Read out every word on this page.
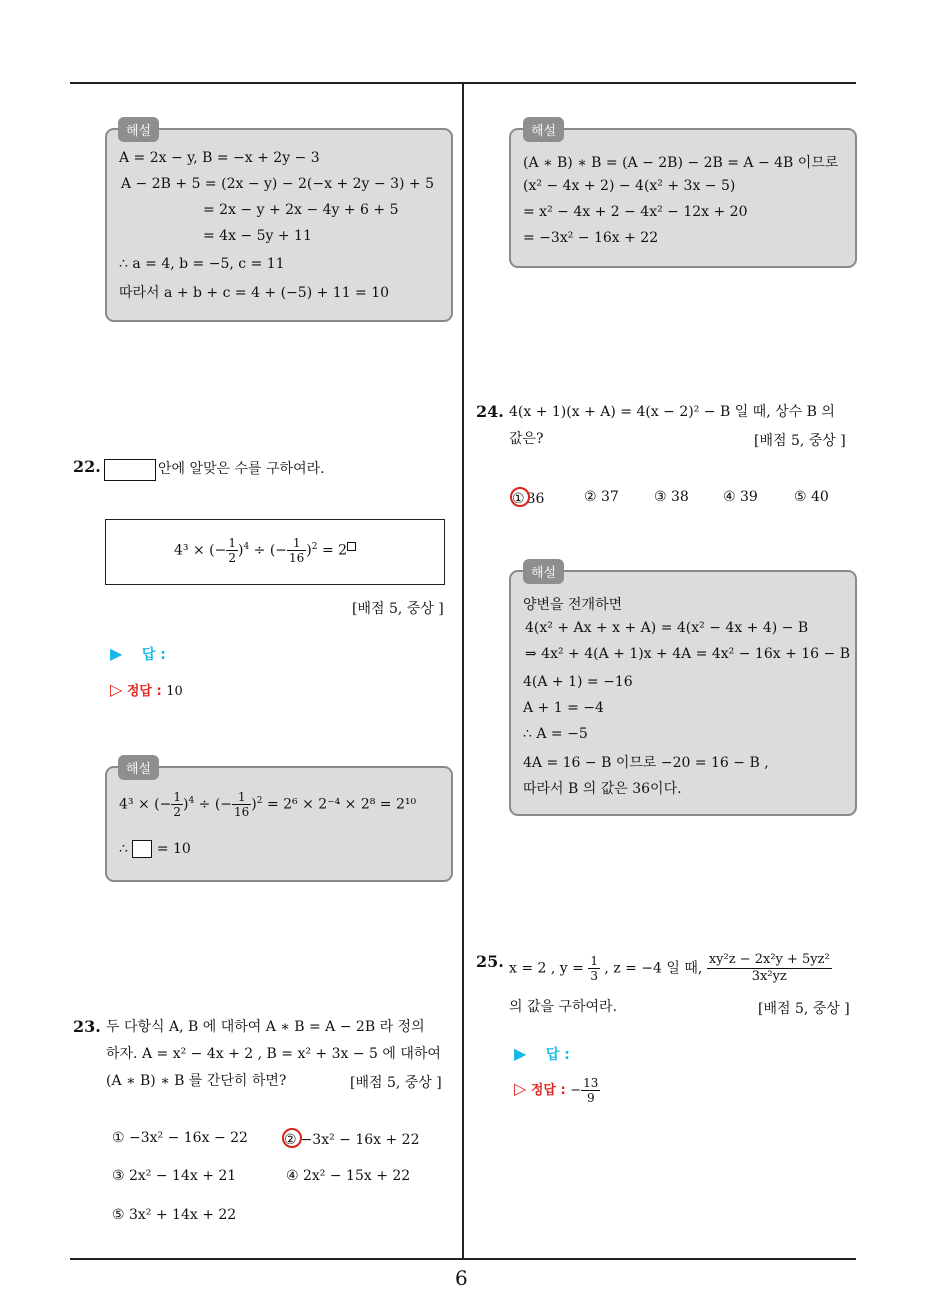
6
A = 2x − y, B = −x + 2y − 3
A − 2B + 5 = (2x − y) − 2(−x + 2y − 3) + 5
= 2x − y + 2x − 4y + 6 + 5
= 4x − 5y + 11
∴ a = 4, b = −5, c = 11
따라서 a + b + c = 4 + (−5) + 11 = 10
해설
22.	안에 알맞은 수를 구하여라.
4³ × (− $\frac{1}{2} )^4$ ÷ (− $\frac{1}{16} )^2 = 2$
[배점 5, 중상 ]
▶ 답 :
▷ 정답 : 10
4³ × (− $\frac{1}{2} )^4$ ÷ (− $\frac{1}{16} )^2 = 2^6 \times 2^{-4} \times 2^8 = 2^{10}$
∴ = 10
해설
23. 두 다항식 A, B 에 대하여 A ∗ B = A − 2B 라 정의
하자. A = x² − 4x + 2 , B = x² + 3x − 5 에 대하여
(A ∗ B) ∗ B 를 간단히 하면?	[배점 5, 중상 ]
① −3x² − 16x − 22	② −3x² − 16x + 22
③ 2x² − 14x + 21	④ 2x² − 15x + 22
⑤ 3x² + 14x + 22
(A ∗ B) ∗ B = (A − 2B) − 2B = A − 4B 이므로
(x² − 4x + 2) − 4(x² + 3x − 5)
= x² − 4x + 2 − 4x² − 12x + 20
= −3x² − 16x + 22
해설
24. 4(x + 1)(x + A) = 4(x − 2)² − B 일 때, 상수 B 의
값은?	[배점 5, 중상 ]
① 36	② 37	③ 38 ④ 39	⑤ 40
양변을 전개하면
4(x² + Ax + x + A) = 4(x² − 4x + 4) − B
⇒ 4x² + 4(A + 1)x + 4A = 4x² − 16x + 16 − B
4(A + 1) = −16
A + 1 = −4
∴ A = −5
4A = 16 − B 이므로 −20 = 16 − B ,
따라서 B 의 값은 36이다.
해설
25. x = 2 , $y = \frac{1}{3}$ , z = −4 일 때, $\frac{\text{xy²z − 2x²y + 5yz²}}{\text{3x²yz}}$
의 값을 구하여라.	[배점 5, 중상 ]
▶ 답 :
▷ 정답 : − $\frac{13}{9}$
